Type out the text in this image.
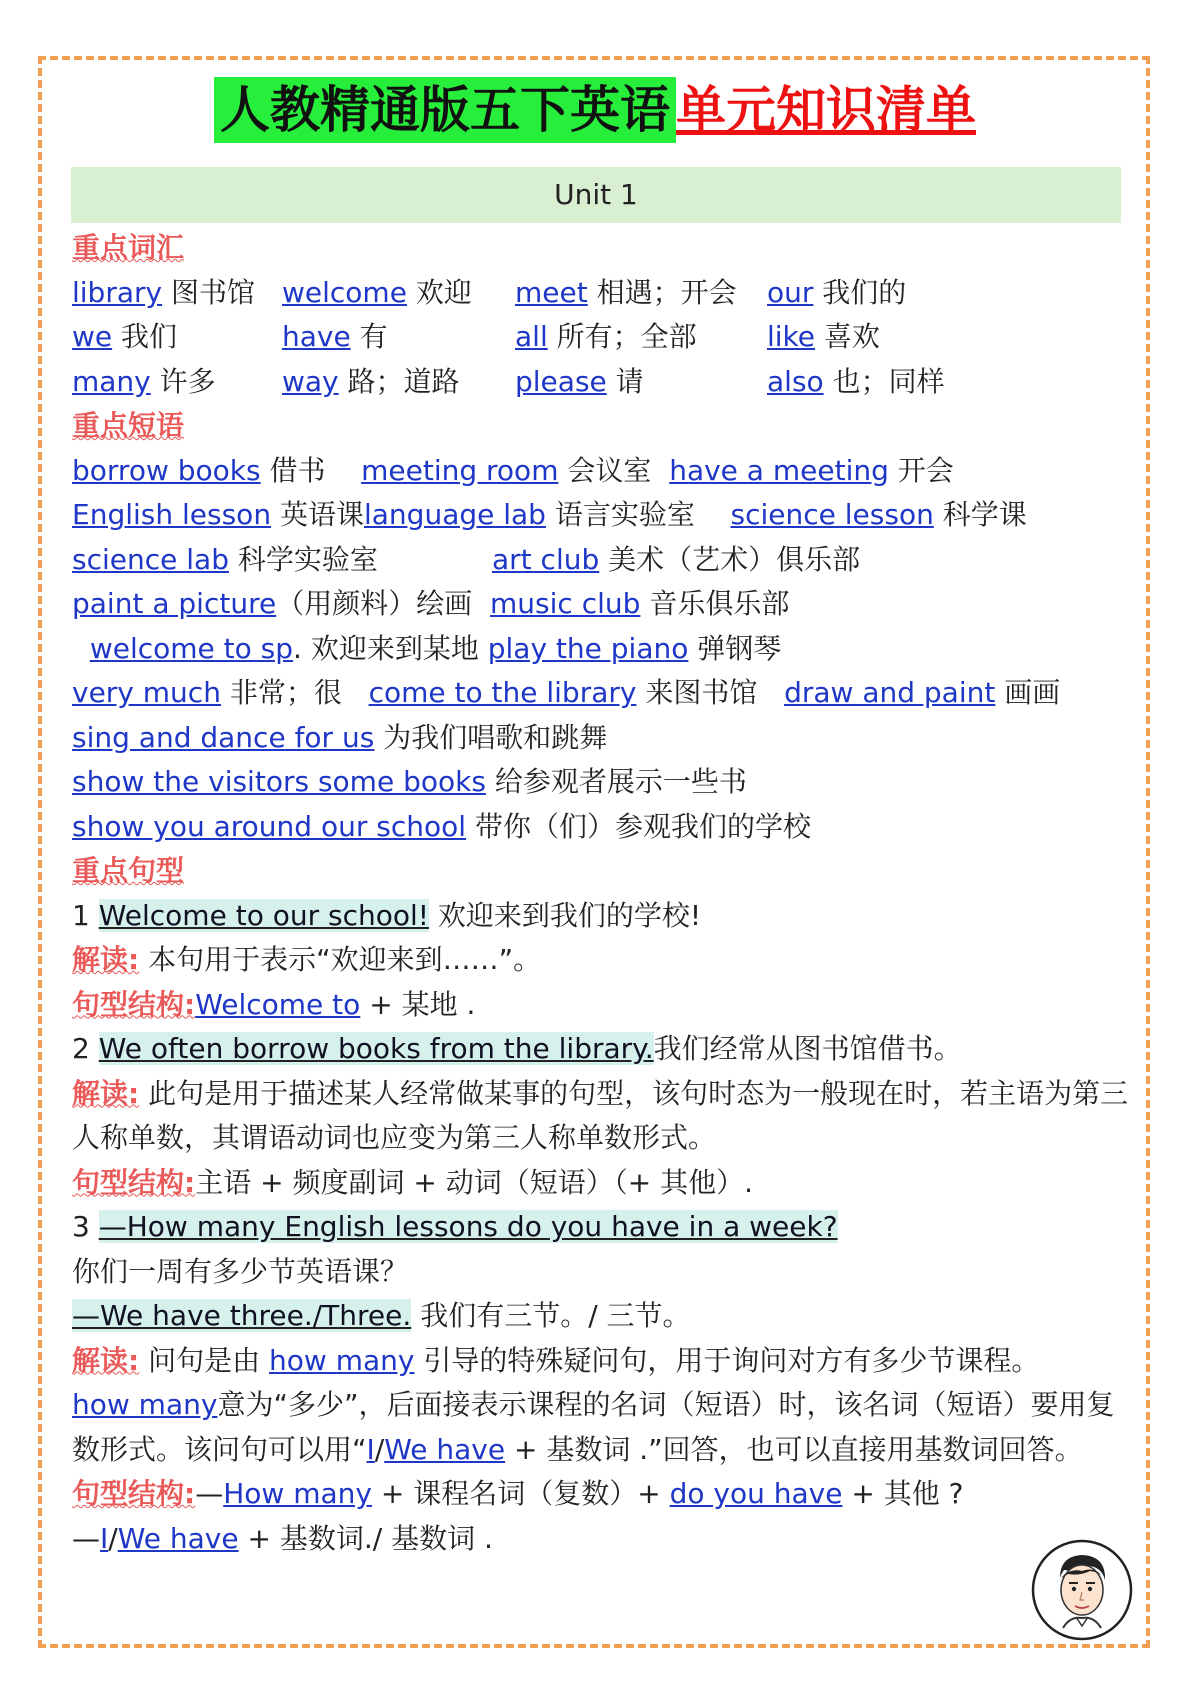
人教精通版五下英语 单元知识清单
Unit 1
重点词汇
library 图书馆 welcome 欢迎 meet 相遇；开会 our 我们的
we 我们	have 有	all 所有；全部	like 喜欢
many 许多 way 路；道路 please 请	also 也；同样
重点短语
borrow books 借书 meeting room 会议室 have a meeting 开会
English lesson 英语课language lab 语言实验室 science lesson 科学课
science lab 科学实验室	art club 美术（艺术）俱乐部
paint a picture（用颜料）绘画 music club 音乐俱乐部
welcome to sp. 欢迎来到某地 play the piano 弹钢琴
very much 非常；很 come to the library 来图书馆 draw and paint 画画
sing and dance for us 为我们唱歌和跳舞
show the visitors some books 给参观者展示一些书
show you around our school 带你（们）参观我们的学校
重点句型
1 Welcome to our school! 欢迎来到我们的学校!
解读: 本句用于表示“欢迎来到……”。
句型结构:Welcome to + 某地 .
2 We often borrow books from the library.我们经常从图书馆借书。
解读: 此句是用于描述某人经常做某事的句型，该句时态为一般现在时，若主语为第三人称单数，其谓语动词也应变为第三人称单数形式。
句型结构:主语 + 频度副词 + 动词（短语）（+ 其他）.
3 —How many English lessons do you have in a week?
你们一周有多少节英语课？
—We have three./Three. 我们有三节。/ 三节。
解读: 问句是由 how many 引导的特殊疑问句，用于询问对方有多少节课程。
how many意为“多少”，后面接表示课程的名词（短语）时，该名词（短语）要用复数形式。该问句可以用“I/We have + 基数词 .”回答，也可以直接用基数词回答。
句型结构:—How many + 课程名词（复数）+ do you have + 其他 ?
—I/We have + 基数词./ 基数词 .
